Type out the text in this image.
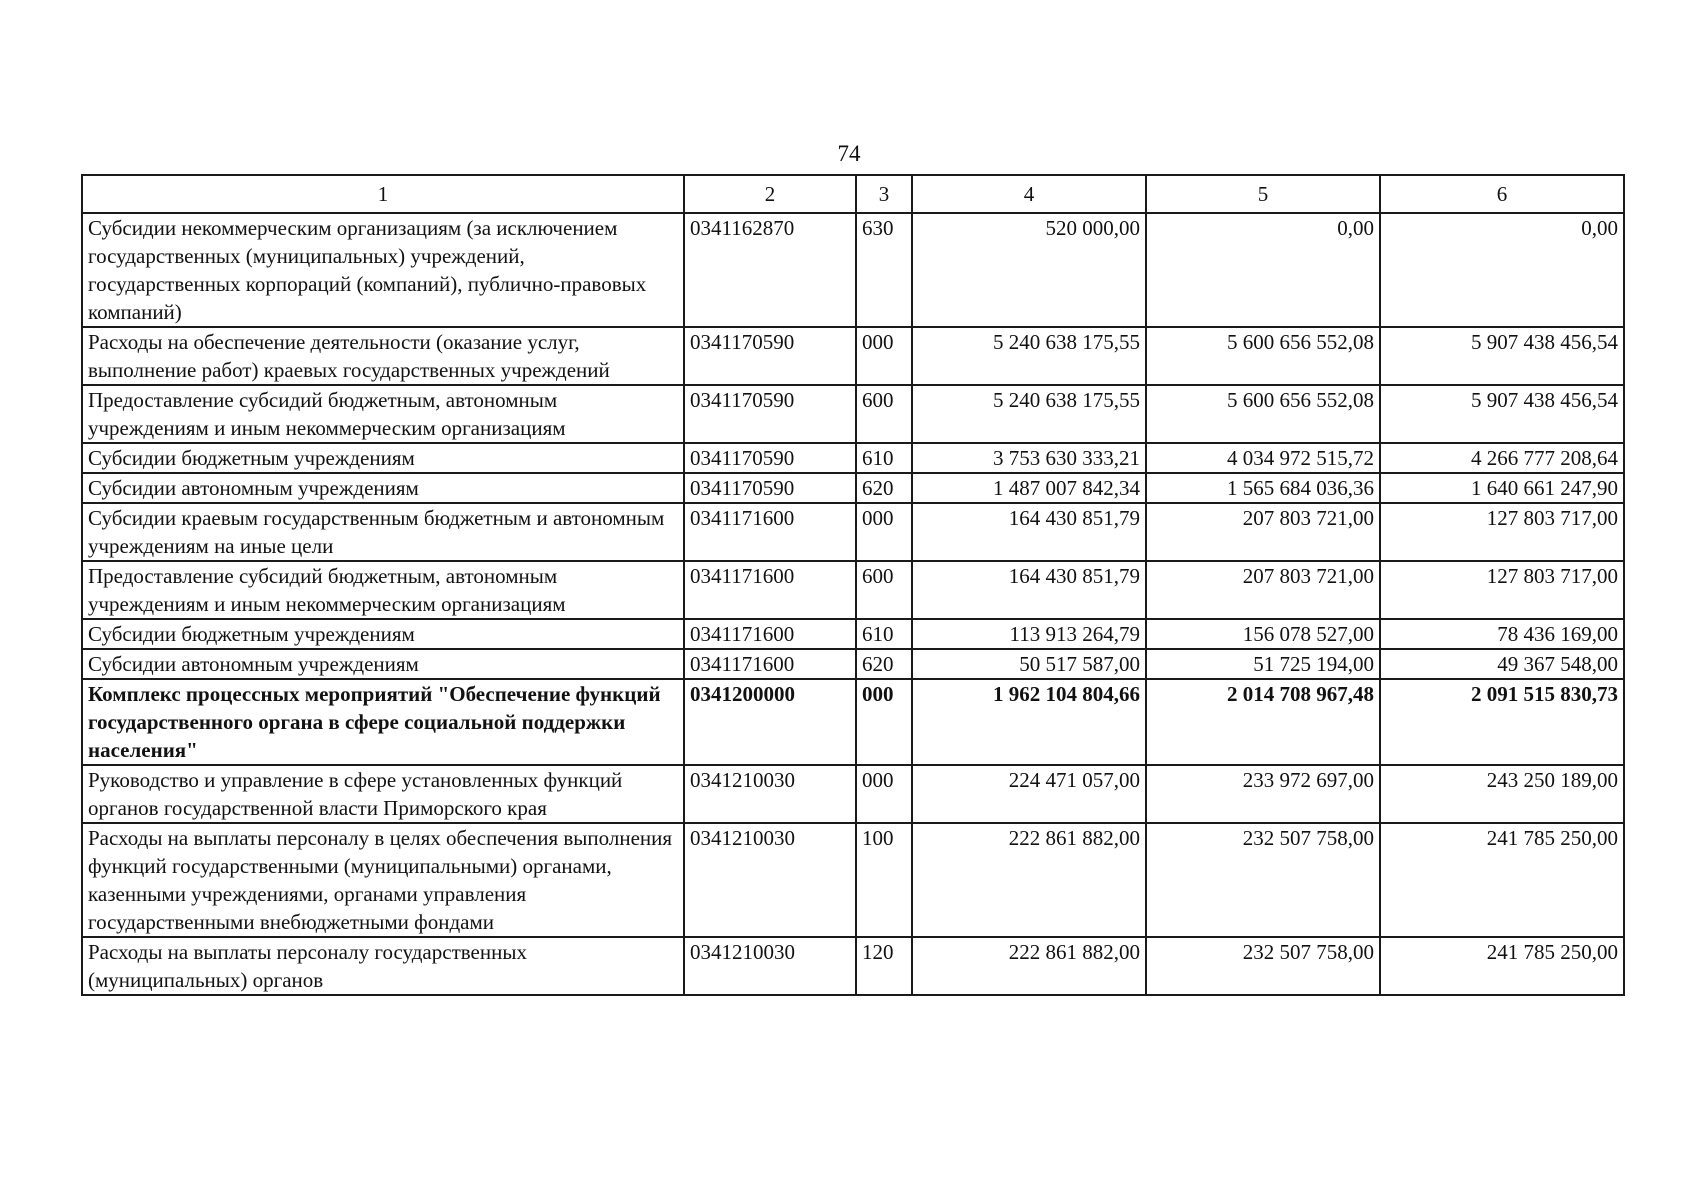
74
1	2	3	4	5	6
Субсидии некоммерческим организациям (за исключением государственных (муниципальных) учреждений, государственных корпораций (компаний), публично-правовых компаний)	0341162870	630	520 000,00	0,00	0,00
Расходы на обеспечение деятельности (оказание услуг, выполнение работ) краевых государственных учреждений	0341170590	000	5 240 638 175,55	5 600 656 552,08	5 907 438 456,54
Предоставление субсидий бюджетным, автономным учреждениям и иным некоммерческим организациям	0341170590	600	5 240 638 175,55	5 600 656 552,08	5 907 438 456,54
Субсидии бюджетным учреждениям	0341170590	610	3 753 630 333,21	4 034 972 515,72	4 266 777 208,64
Субсидии автономным учреждениям	0341170590	620	1 487 007 842,34	1 565 684 036,36	1 640 661 247,90
Субсидии краевым государственным бюджетным и автономным учреждениям на иные цели	0341171600	000	164 430 851,79	207 803 721,00	127 803 717,00
Предоставление субсидий бюджетным, автономным учреждениям и иным некоммерческим организациям	0341171600	600	164 430 851,79	207 803 721,00	127 803 717,00
Субсидии бюджетным учреждениям	0341171600	610	113 913 264,79	156 078 527,00	78 436 169,00
Субсидии автономным учреждениям	0341171600	620	50 517 587,00	51 725 194,00	49 367 548,00
Комплекс процессных мероприятий "Обеспечение функций государственного органа в сфере социальной поддержки населения"	0341200000	000	1 962 104 804,66	2 014 708 967,48	2 091 515 830,73
Руководство и управление в сфере установленных функций органов государственной власти Приморского края	0341210030	000	224 471 057,00	233 972 697,00	243 250 189,00
Расходы на выплаты персоналу в целях обеспечения выполнения функций государственными (муниципальными) органами, казенными учреждениями, органами управления государственными внебюджетными фондами	0341210030	100	222 861 882,00	232 507 758,00	241 785 250,00
Расходы на выплаты персоналу государственных (муниципальных) органов	0341210030	120	222 861 882,00	232 507 758,00	241 785 250,00
